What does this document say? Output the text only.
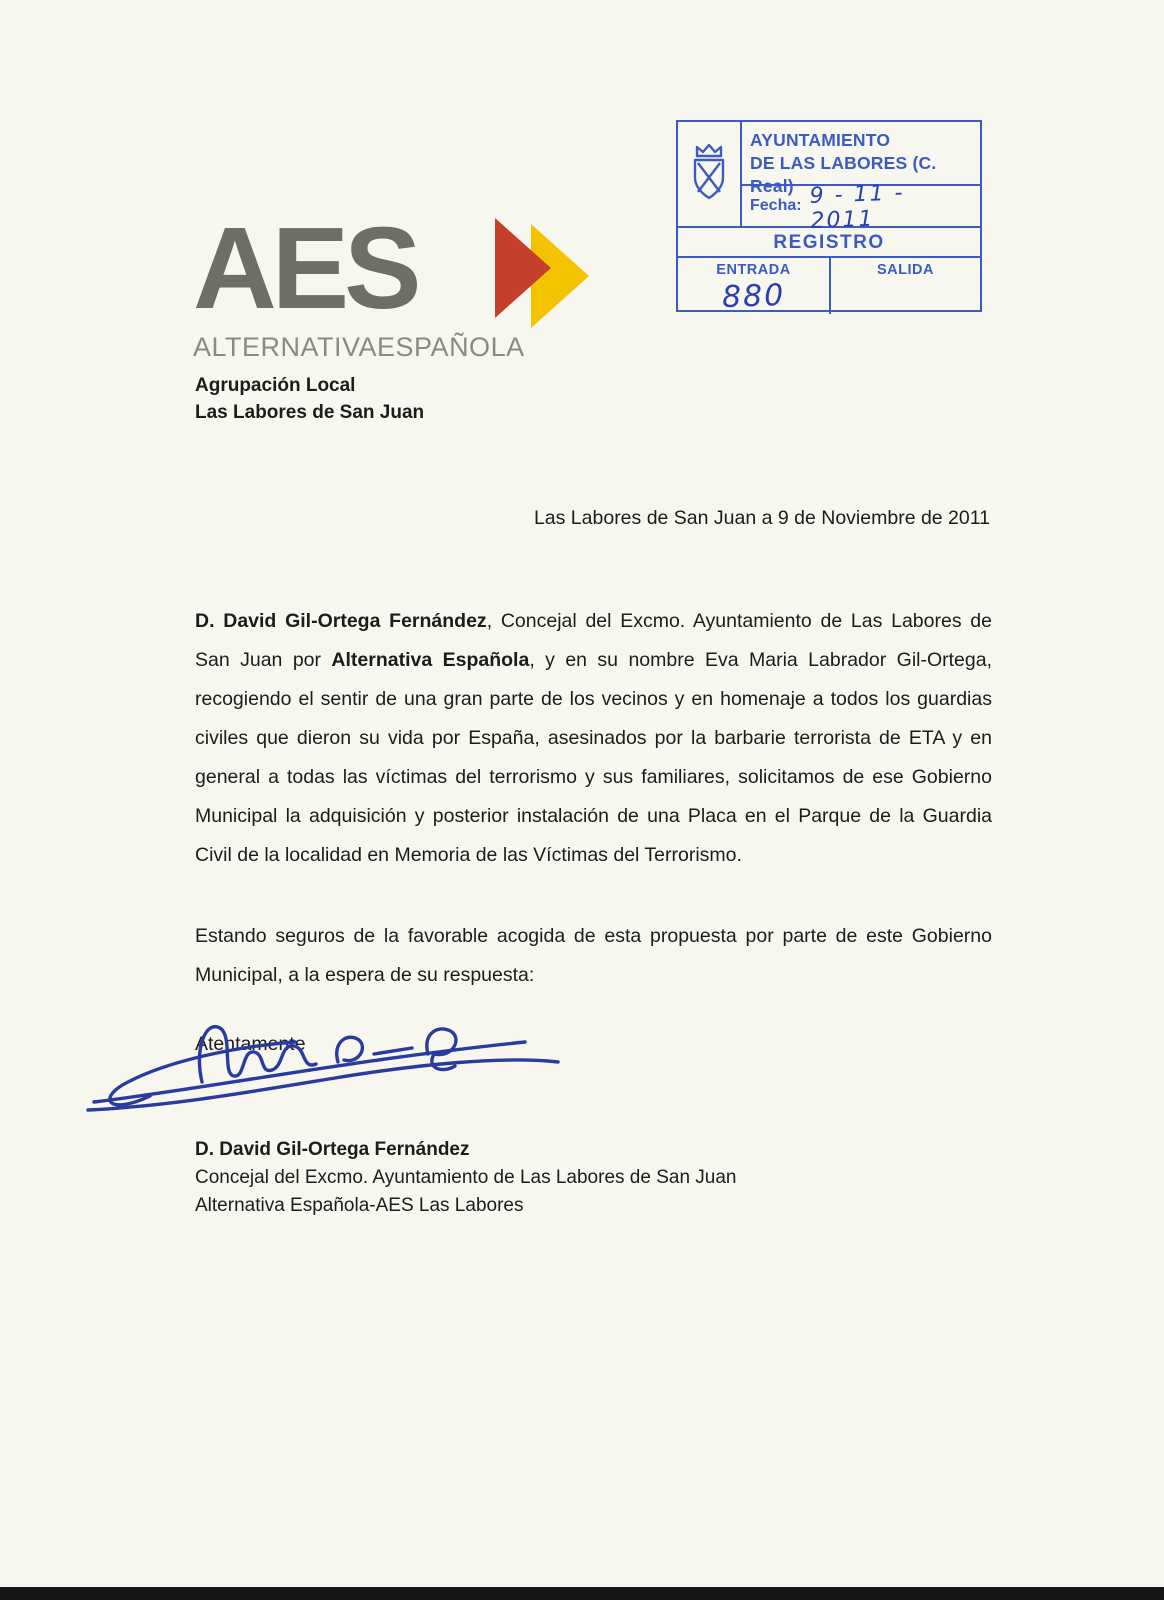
AYUNTAMIENTO
DE LAS LABORES (C. Real)
Fecha: 9 - 11 - 2011
REGISTRO
ENTRADA
880
SALIDA
AES
ALTERNATIVAESPAÑOLA
Agrupación Local
Las Labores de San Juan
Las Labores de San Juan a 9 de Noviembre de 2011

D. David Gil-Ortega Fernández, Concejal del Excmo. Ayuntamiento de Las Labores de San Juan por Alternativa Española, y en su nombre Eva Maria Labrador Gil-Ortega, recogiendo el sentir de una gran parte de los vecinos y en homenaje a todos los guardias civiles que dieron su vida por España, asesinados por la barbarie terrorista de ETA y en general a todas las víctimas del terrorismo y sus familiares, solicitamos de ese Gobierno Municipal la adquisición y posterior instalación de una Placa en el Parque de la Guardia Civil de la localidad en Memoria de las Víctimas del Terrorismo.

Estando seguros de la favorable acogida de esta propuesta por parte de este Gobierno Municipal, a la espera de su respuesta:

Atentamente
D. David Gil-Ortega Fernández
Concejal del Excmo. Ayuntamiento de Las Labores de San Juan
Alternativa Española-AES Las Labores
